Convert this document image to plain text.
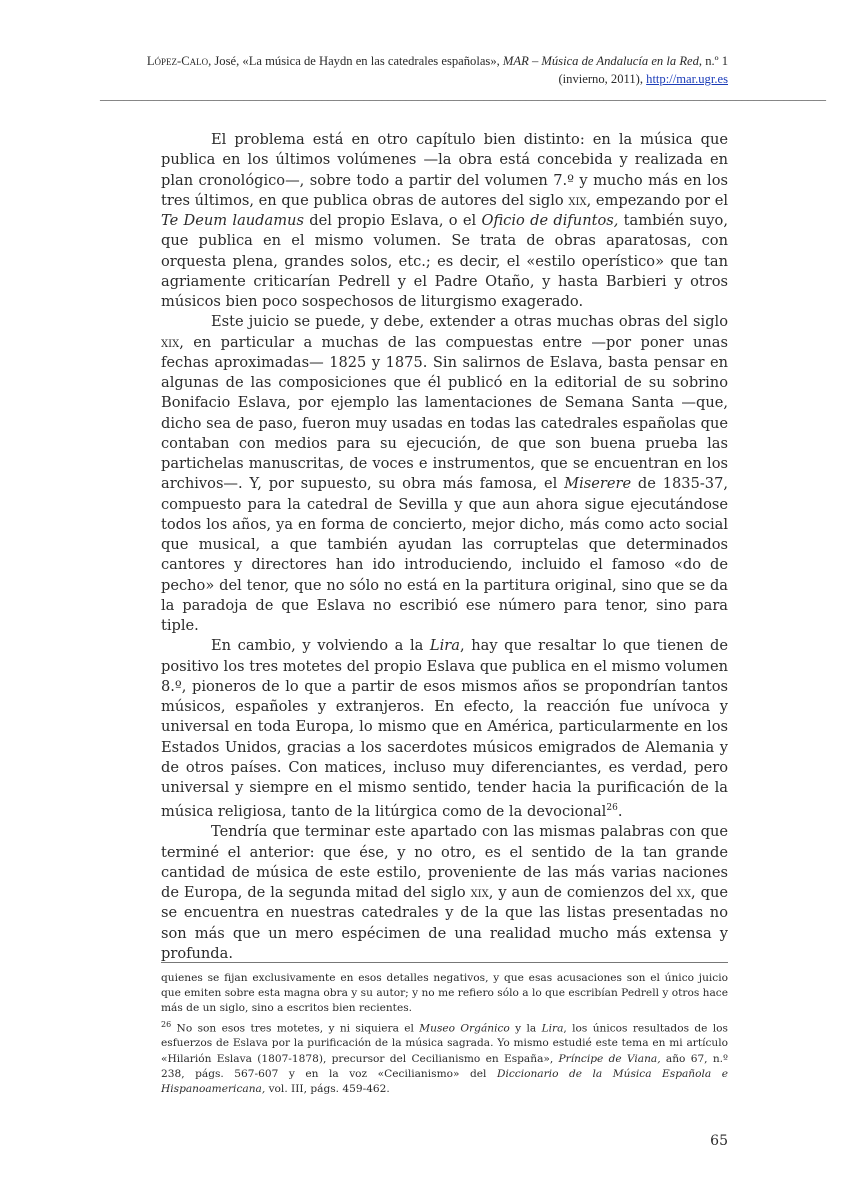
López-Calo, José, «La música de Haydn en las catedrales españolas», MAR – Música de Andalucía en la Red, n.º 1 (invierno, 2011), http://mar.ugr.es
_________________________________________________________________________________________________________________________

El problema está en otro capítulo bien distinto: en la música que publica en los últimos volúmenes —la obra está concebida y realizada en plan cronológico—, sobre todo a partir del volumen 7.º y mucho más en los tres últimos, en que publica obras de autores del siglo xix, empezando por el Te Deum laudamus del propio Eslava, o el Oficio de difuntos, también suyo, que publica en el mismo volumen. Se trata de obras aparatosas, con orquesta plena, grandes solos, etc.; es decir, el «estilo operístico» que tan agriamente criticarían Pedrell y el Padre Otaño, y hasta Barbieri y otros músicos bien poco sospechosos de liturgismo exagerado.

Este juicio se puede, y debe, extender a otras muchas obras del siglo xix, en particular a muchas de las compuestas entre —por poner unas fechas aproximadas— 1825 y 1875. Sin salirnos de Eslava, basta pensar en algunas de las composiciones que él publicó en la editorial de su sobrino Bonifacio Eslava, por ejemplo las lamentaciones de Semana Santa —que, dicho sea de paso, fueron muy usadas en todas las catedrales españolas que contaban con medios para su ejecución, de que son buena prueba las partichelas manuscritas, de voces e instrumentos, que se encuentran en los archivos—. Y, por supuesto, su obra más famosa, el Miserere de 1835-37, compuesto para la catedral de Sevilla y que aun ahora sigue ejecutándose todos los años, ya en forma de concierto, mejor dicho, más como acto social que musical, a que también ayudan las corruptelas que determinados cantores y directores han ido introduciendo, incluido el famoso «do de pecho» del tenor, que no sólo no está en la partitura original, sino que se da la paradoja de que Eslava no escribió ese número para tenor, sino para tiple.

En cambio, y volviendo a la Lira, hay que resaltar lo que tienen de positivo los tres motetes del propio Eslava que publica en el mismo volumen 8.º, pioneros de lo que a partir de esos mismos años se propondrían tantos músicos, españoles y extranjeros. En efecto, la reacción fue unívoca y universal en toda Europa, lo mismo que en América, particularmente en los Estados Unidos, gracias a los sacerdotes músicos emigrados de Alemania y de otros países. Con matices, incluso muy diferenciantes, es verdad, pero universal y siempre en el mismo sentido, tender hacia la purificación de la música religiosa, tanto de la litúrgica como de la devocional$^{26}$.

Tendría que terminar este apartado con las mismas palabras con que terminé el anterior: que ése, y no otro, es el sentido de la tan grande cantidad de música de este estilo, proveniente de las más varias naciones de Europa, de la segunda mitad del siglo xix, y aun de comienzos del xx, que se encuentra en nuestras catedrales y de la que las listas presentadas no son más que un mero espécimen de una realidad mucho más extensa y profunda.

quienes se fijan exclusivamente en esos detalles negativos, y que esas acusaciones son el único juicio que emiten sobre esta magna obra y su autor; y no me refiero sólo a lo que escribían Pedrell y otros hace más de un siglo, sino a escritos bien recientes.

$^{26}$ No son esos tres motetes, y ni siquiera el Museo Orgánico y la Lira, los únicos resultados de los esfuerzos de Eslava por la purificación de la música sagrada. Yo mismo estudié este tema en mi artículo «Hilarión Eslava (1807-1878), precursor del Cecilianismo en España», Príncipe de Viana, año 67, n.º 238, págs. 567-607 y en la voz «Cecilianismo» del Diccionario de la Música Española e Hispanoamericana, vol. III, págs. 459-462.

65
